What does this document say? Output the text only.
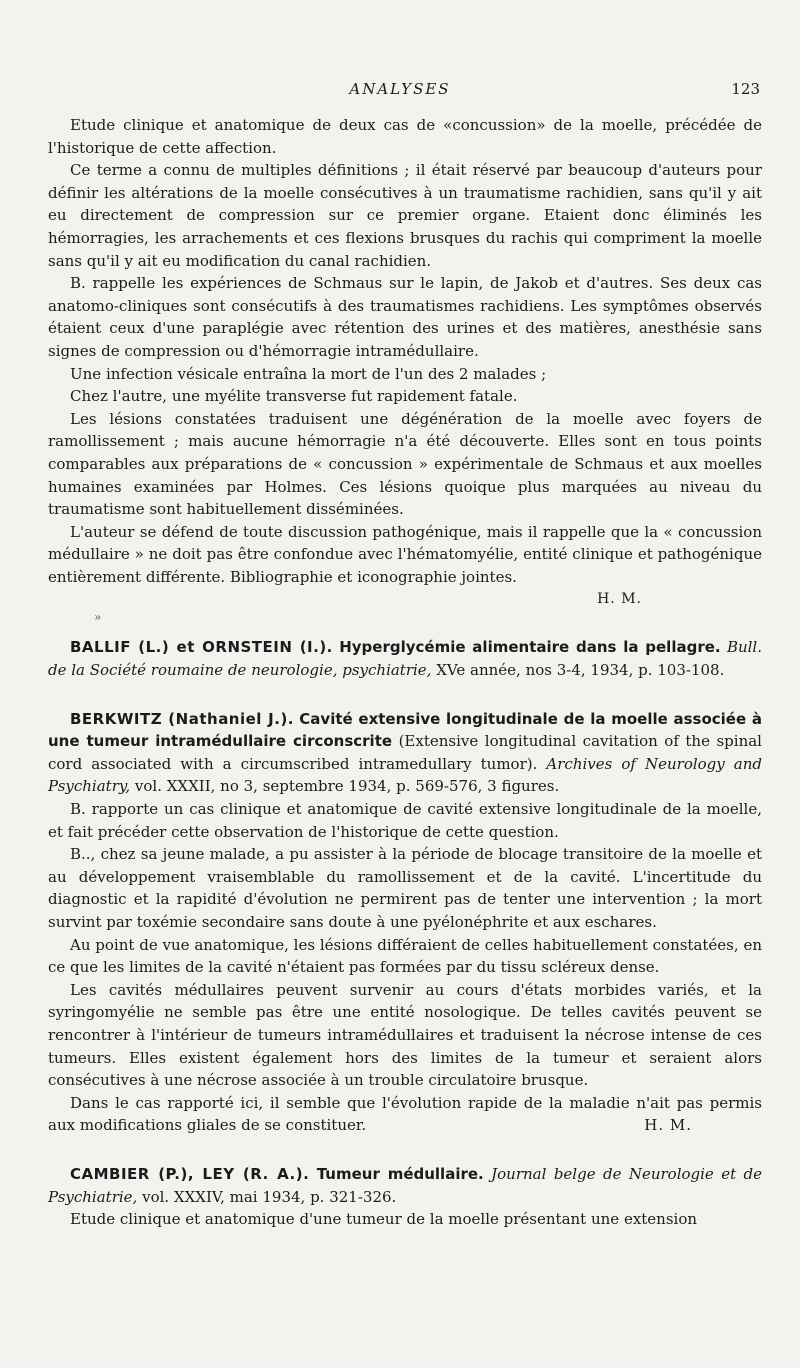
ANALYSES	123

Etude clinique et anatomique de deux cas de «concussion» de la moelle, précédée de l'historique de cette affection.

Ce terme a connu de multiples définitions ; il était réservé par beaucoup d'auteurs pour définir les altérations de la moelle consécutives à un traumatisme rachidien, sans qu'il y ait eu directement de compression sur ce premier organe. Etaient donc éliminés les hémorragies, les arrachements et ces flexions brusques du rachis qui compriment la moelle sans qu'il y ait eu modification du canal rachidien.

B. rappelle les expériences de Schmaus sur le lapin, de Jakob et d'autres. Ses deux cas anatomo-cliniques sont consécutifs à des traumatismes rachidiens. Les symptômes observés étaient ceux d'une paraplégie avec rétention des urines et des matières, anesthésie sans signes de compression ou d'hémorragie intramédullaire.

Une infection vésicale entraîna la mort de l'un des 2 malades ;

Chez l'autre, une myélite transverse fut rapidement fatale.

Les lésions constatées traduisent une dégénération de la moelle avec foyers de ramollissement ; mais aucune hémorragie n'a été découverte. Elles sont en tous points comparables aux préparations de « concussion » expérimentale de Schmaus et aux moelles humaines examinées par Holmes. Ces lésions quoique plus marquées au niveau du traumatisme sont habituellement disséminées.

L'auteur se défend de toute discussion pathogénique, mais il rappelle que la « concussion médullaire » ne doit pas être confondue avec l'hématomyélie, entité clinique et pathogénique entièrement différente. Bibliographie et iconographie jointes.

H. M.
»

BALLIF (L.) et ORNSTEIN (I.). Hyperglycémie alimentaire dans la pellagre. Bull. de la Société roumaine de neurologie, psychiatrie, XVe année, nos 3-4, 1934, p. 103-108.

BERKWITZ (Nathaniel J.). Cavité extensive longitudinale de la moelle associée à une tumeur intramédullaire circonscrite (Extensive longitudinal cavitation of the spinal cord associated with a circumscribed intramedullary tumor). Archives of Neurology and Psychiatry, vol. XXXII, no 3, septembre 1934, p. 569-576, 3 figures.

B. rapporte un cas clinique et anatomique de cavité extensive longitudinale de la moelle, et fait précéder cette observation de l'historique de cette question.

B.., chez sa jeune malade, a pu assister à la période de blocage transitoire de la moelle et au développement vraisemblable du ramollissement et de la cavité. L'incertitude du diagnostic et la rapidité d'évolution ne permirent pas de tenter une intervention ; la mort survint par toxémie secondaire sans doute à une pyélonéphrite et aux eschares.

Au point de vue anatomique, les lésions différaient de celles habituellement constatées, en ce que les limites de la cavité n'étaient pas formées par du tissu scléreux dense.

Les cavités médullaires peuvent survenir au cours d'états morbides variés, et la syringomyélie ne semble pas être une entité nosologique. De telles cavités peuvent se rencontrer à l'intérieur de tumeurs intramédullaires et traduisent la nécrose intense de ces tumeurs. Elles existent également hors des limites de la tumeur et seraient alors consécutives à une nécrose associée à un trouble circulatoire brusque.

Dans le cas rapporté ici, il semble que l'évolution rapide de la maladie n'ait pas permis aux modifications gliales de se constituer.	H. M.

CAMBIER (P.), LEY (R. A.). Tumeur médullaire. Journal belge de Neurologie et de Psychiatrie, vol. XXXIV, mai 1934, p. 321-326.

Etude clinique et anatomique d'une tumeur de la moelle présentant une extension
